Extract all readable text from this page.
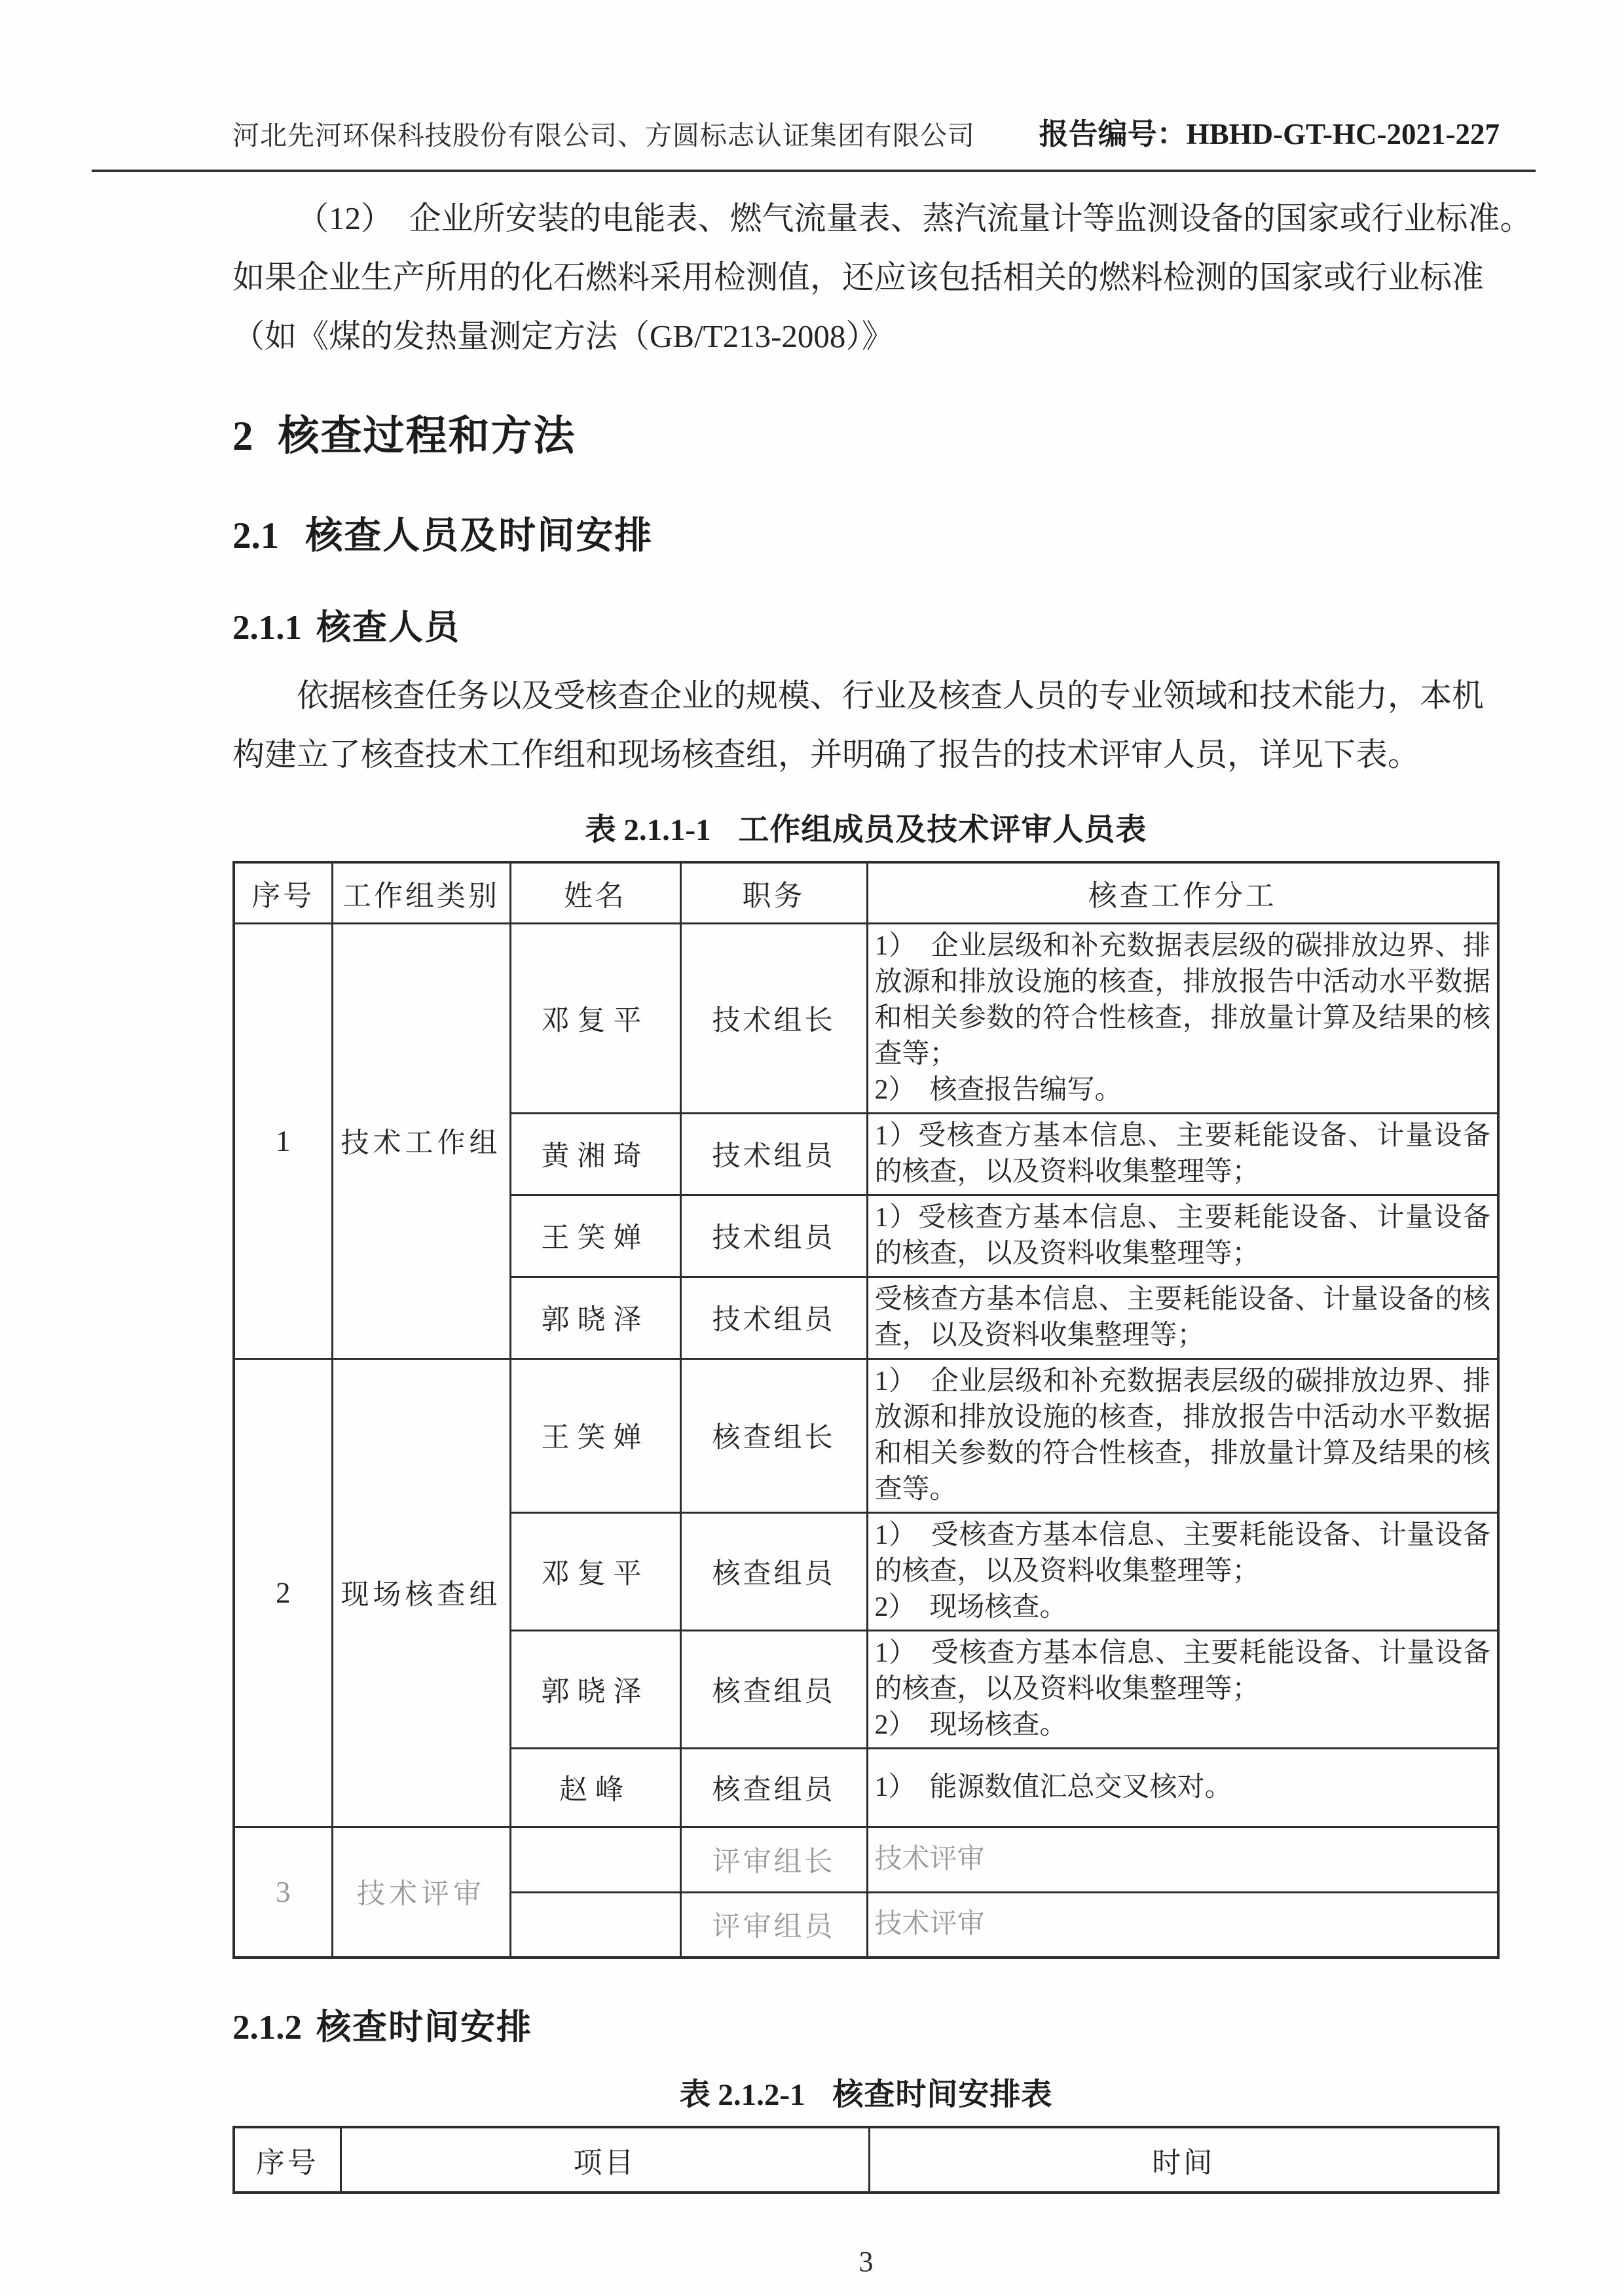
河北先河环保科技股份有限公司、方圆标志认证集团有限公司 报告编号：HBHD-GT-HC-2021-227
（12）　企业所安装的电能表、燃气流量表、蒸汽流量计等监测设备的国家或行业标准。
如果企业生产所用的化石燃料采用检测值，还应该包括相关的燃料检测的国家或行业标准
（如《煤的发热量测定方法（GB/T213-2008）》
2 核查过程和方法
2.1 核查人员及时间安排
2.1.1 核查人员
依据核查任务以及受核查企业的规模、行业及核查人员的专业领域和技术能力，本机
构建立了核查技术工作组和现场核查组，并明确了报告的技术评审人员，详见下表。
表 2.1.1-1 工作组成员及技术评审人员表
序号	工作组类别	姓名	职务	核查工作分工
1	技术工作组	邓复平	技术组长	1）　企业层级和补充数据表层级的碳排放边界、排放源和排放设施的核查，排放报告中活动水平数据和相关参数的符合性核查，排放量计算及结果的核查等；
2）　核查报告编写。

		黄湘琦	技术组员	1）受核查方基本信息、主要耗能设备、计量设备的核查，以及资料收集整理等；

		王笑婵	技术组员	1）受核查方基本信息、主要耗能设备、计量设备的核查，以及资料收集整理等；

		郭晓泽	技术组员	受核查方基本信息、主要耗能设备、计量设备的核查，以及资料收集整理等；

2	现场核查组	王笑婵	核查组长	1）　企业层级和补充数据表层级的碳排放边界、排放源和排放设施的核查，排放报告中活动水平数据和相关参数的符合性核查，排放量计算及结果的核查等。

		邓复平	核查组员	1）　受核查方基本信息、主要耗能设备、计量设备的核查，以及资料收集整理等；
2）　现场核查。

		郭晓泽	核查组员	1）　受核查方基本信息、主要耗能设备、计量设备的核查，以及资料收集整理等；
2）　现场核查。

		赵峰	核查组员	1）　能源数值汇总交叉核对。

3	技术评审		评审组长	技术评审

			评审组员	技术评审
2.1.2 核查时间安排
表 2.1.2-1 核查时间安排表
序号	项目	时间
3
